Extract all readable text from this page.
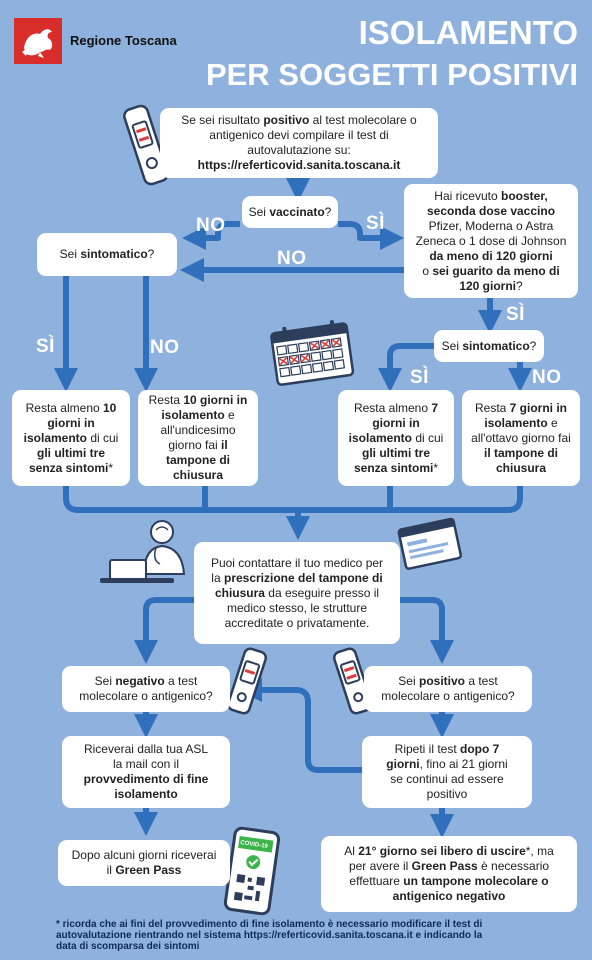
Regione Toscana	ISOLAMENTO
PER SOGGETTI POSITIVI
COVID-19
NO	SÌ
NO
SÌ
SÌ	NO
SÌ	NO
Se sei risultato positivo al test molecolare o
antigenico devi compilare il test di
autovalutazione su:
https://referticovid.sanita.toscana.it
Sei vaccinato?
Hai ricevuto booster,
seconda dose vaccino
Pfizer, Moderna o Astra
Zeneca o 1 dose di Johnson
da meno di 120 giorni
o sei guarito da meno di
120 giorni?
Sei sintomatico?
Sei sintomatico?
Resta almeno 10
giorni in
isolamento di cui
gli ultimi tre
senza sintomi*
Resta 10 giorni in
isolamento e
all'undicesimo
giorno fai il
tampone di
chiusura
Resta almeno 7
giorni in
isolamento di cui
gli ultimi tre
senza sintomi*
Resta 7 giorni in
isolamento e
all'ottavo giorno fai
il tampone di
chiusura
Puoi contattare il tuo medico per
la prescrizione del tampone di
chiusura da eseguire presso il
medico stesso, le strutture
accreditate o privatamente.
Sei negativo a test
molecolare o antigenico?
Sei positivo a test
molecolare o antigenico?
Riceverai dalla tua ASL
la mail con il
provvedimento di fine
isolamento
Ripeti il test dopo 7
giorni, fino ai 21 giorni
se continui ad essere
positivo
Dopo alcuni giorni riceverai
il Green Pass
Al 21° giorno sei libero di uscire*, ma
per avere il Green Pass è necessario
effettuare un tampone molecolare o
antigenico negativo
* ricorda che ai fini del provvedimento di fine isolamento è necessario modificare il test di
autovalutazione rientrando nel sistema https://referticovid.sanita.toscana.it e indicando la
data di scomparsa dei sintomi
